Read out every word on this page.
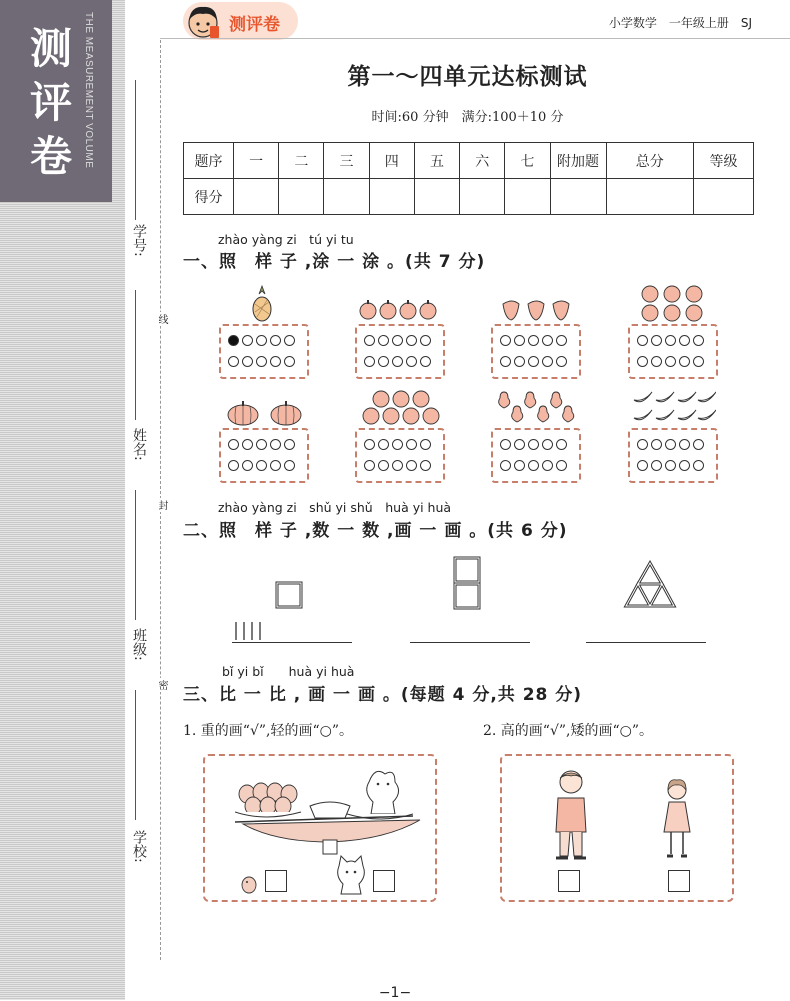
测
评
卷	THE MEASUREMENT VOLUME
学号:
姓名:
班级:
学校:
线
封
密
测评卷	小学数学　一年级上册　SJ
第一～四单元达标测试
时间:60 分钟　满分:100＋10 分
题序	一	二	三	四	五	六	七	附加题	总分	等级
得分										
zhào yàng zi　tú yi tu
一、照　样 子 ,涂 一 涂 。(共 7 分)
zhào yàng zi　shǔ yi shǔ　huà yi huà
二、照　样 子 ,数 一 数 ,画 一 画 。(共 6 分)
bǐ yi bǐ　　huà yi huà
三、比 一 比 , 画 一 画 。(每题 4 分,共 28 分)
1. 重的画“√”,轻的画“○”。	2. 高的画“√”,矮的画“○”。
−1−
